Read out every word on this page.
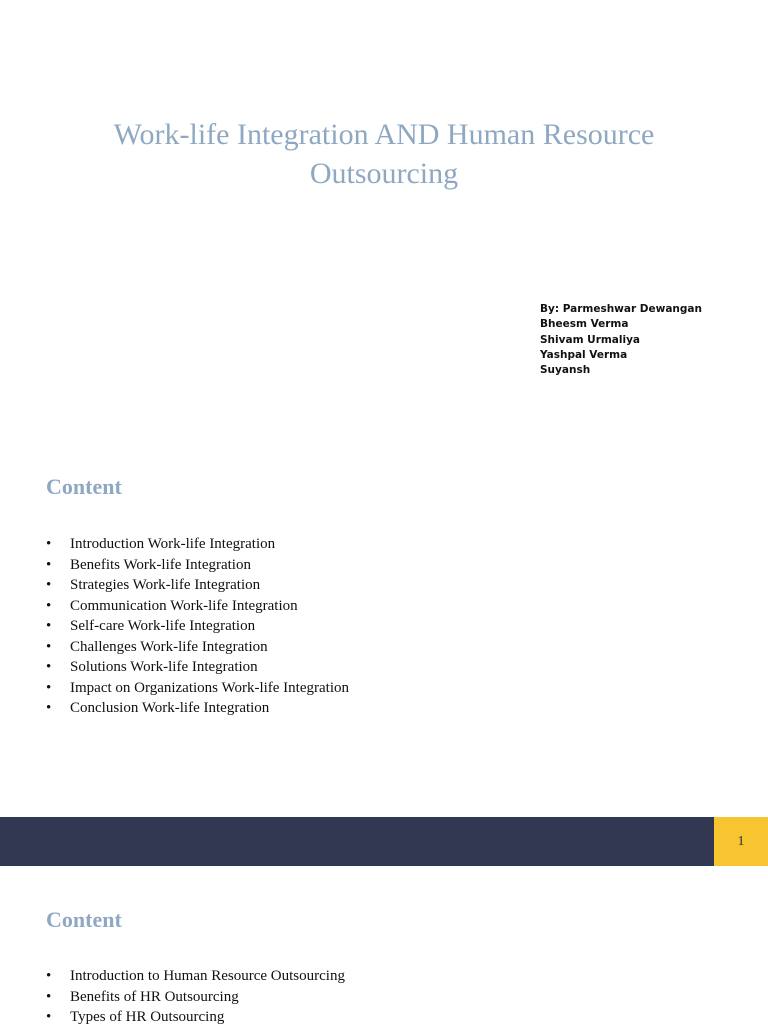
Work-life Integration AND Human Resource
Outsourcing
By: Parmeshwar Dewangan
Bheesm Verma
Shivam Urmaliya
Yashpal Verma
Suyansh
Content
• Introduction Work-life Integration
• Benefits Work-life Integration
• Strategies Work-life Integration
• Communication Work-life Integration
• Self-care Work-life Integration
• Challenges Work-life Integration
• Solutions Work-life Integration
• Impact on Organizations Work-life Integration
• Conclusion Work-life Integration
1
Content
• Introduction to Human Resource Outsourcing
• Benefits of HR Outsourcing
• Types of HR Outsourcing
